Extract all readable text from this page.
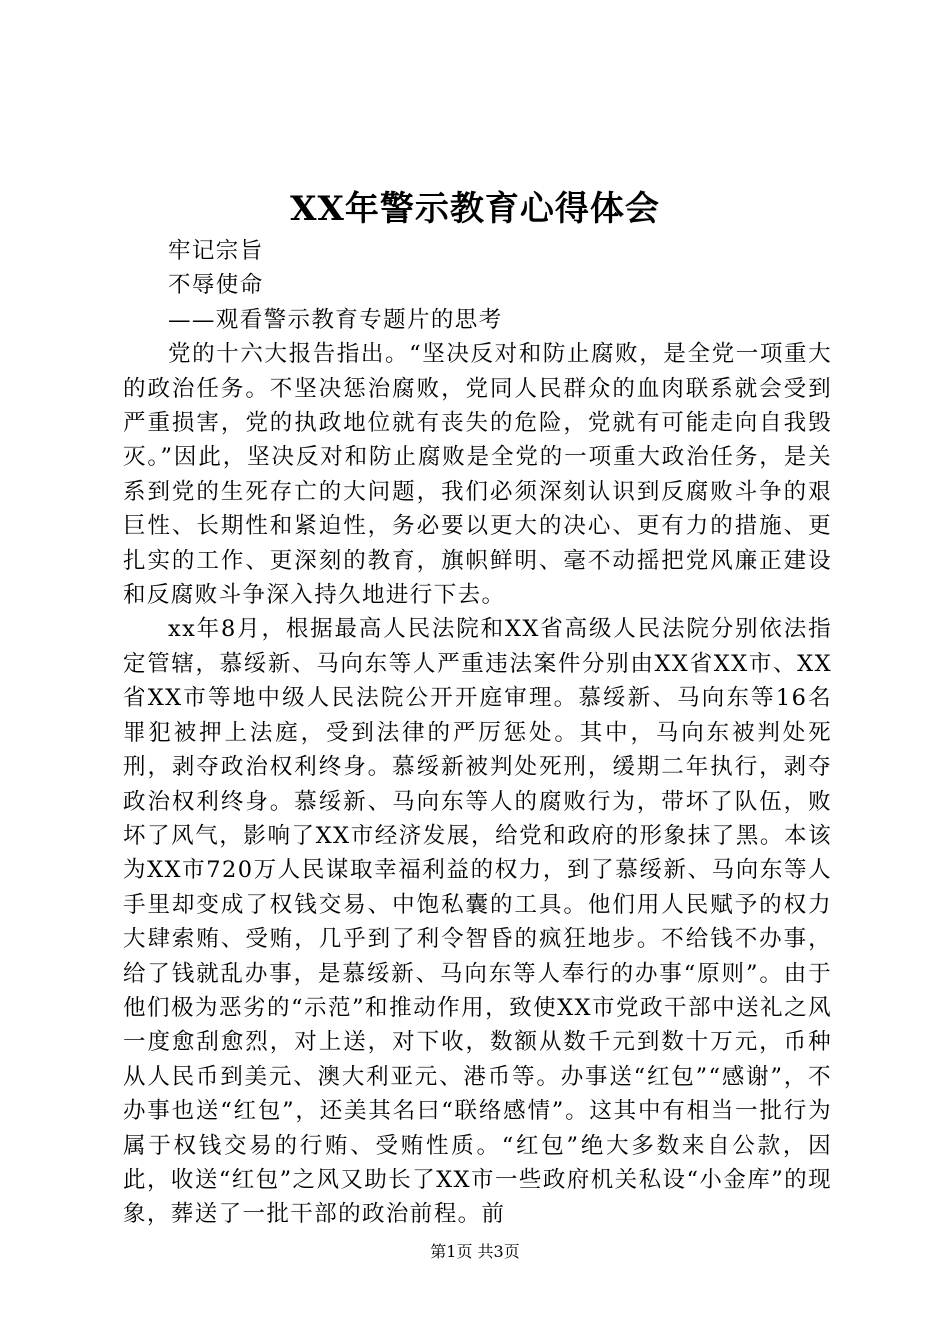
XX年警示教育心得体会

牢记宗旨

不辱使命

——观看警示教育专题片的思考

党的十六大报告指出。“坚决反对和防止腐败，是全党一项重大的政治任务。不坚决惩治腐败，党同人民群众的血肉联系就会受到严重损害，党的执政地位就有丧失的危险，党就有可能走向自我毁灭。”因此，坚决反对和防止腐败是全党的一项重大政治任务，是关系到党的生死存亡的大问题，我们必须深刻认识到反腐败斗争的艰巨性、长期性和紧迫性，务必要以更大的决心、更有力的措施、更扎实的工作、更深刻的教育，旗帜鲜明、毫不动摇把党风廉正建设和反腐败斗争深入持久地进行下去。

xx年8月，根据最高人民法院和XX省高级人民法院分别依法指定管辖，慕绥新、马向东等人严重违法案件分别由XX省XX市、XX省XX市等地中级人民法院公开开庭审理。慕绥新、马向东等16名罪犯被押上法庭，受到法律的严厉惩处。其中，马向东被判处死刑，剥夺政治权利终身。慕绥新被判处死刑，缓期二年执行，剥夺政治权利终身。慕绥新、马向东等人的腐败行为，带坏了队伍，败坏了风气，影响了XX市经济发展，给党和政府的形象抹了黑。本该为XX市720万人民谋取幸福利益的权力，到了慕绥新、马向东等人手里却变成了权钱交易、中饱私囊的工具。他们用人民赋予的权力大肆索贿、受贿，几乎到了利令智昏的疯狂地步。不给钱不办事，给了钱就乱办事，是慕绥新、马向东等人奉行的办事“原则”。由于他们极为恶劣的“示范”和推动作用，致使XX市党政干部中送礼之风一度愈刮愈烈，对上送，对下收，数额从数千元到数十万元，币种从人民币到美元、澳大利亚元、港币等。办事送“红包”“感谢”，不办事也送“红包”，还美其名曰“联络感情”。这其中有相当一批行为属于权钱交易的行贿、受贿性质。“红包”绝大多数来自公款，因此，收送“红包”之风又助长了XX市一些政府机关私设“小金库”的现象，葬送了一批干部的政治前程。前

第1页 共3页
